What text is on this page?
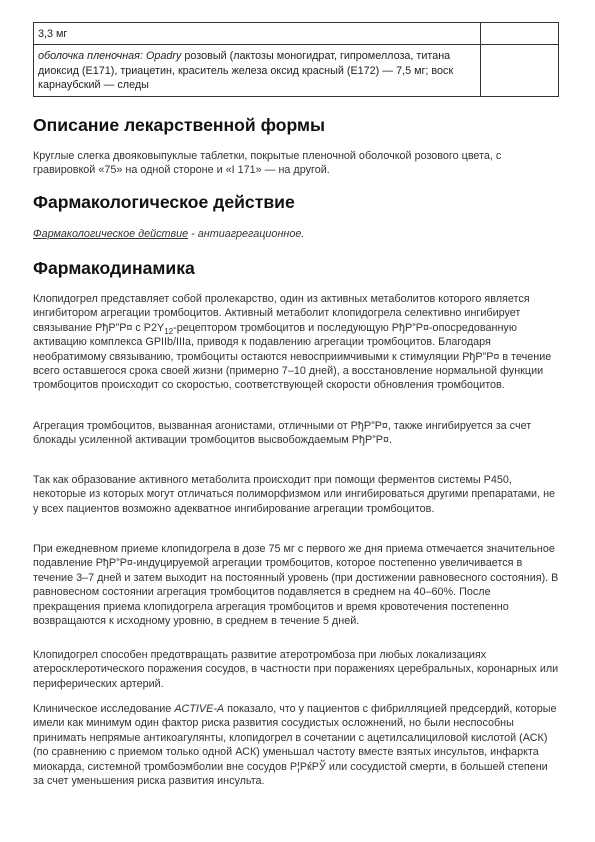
3,3 мг	
оболочка пленочная: Opadry розовый (лактозы моногидрат, гипромеллоза, титана диоксид (E171), триацетин, краситель железа оксид красный (E172) — 7,5 мг; воск карнаубский — следы	
Описание лекарственной формы

Круглые слегка двояковыпуклые таблетки, покрытые пленочной оболочкой розового цвета, с гравировкой «75» на одной стороне и «I 171» — на другой.

Фармакологическое действие

Фармакологическое действие - антиагрегационное.

Фармакодинамика

Клопидогрел представляет собой пролекарство, один из активных метаболитов которого является ингибитором агрегации тромбоцитов. Активный метаболит клопидогрела селективно ингибирует связывание РђР”Р¤ с $P2Y_{12}$-рецептором тромбоцитов и последующую РђР”Р¤-опосредованную активацию комплекса GPIIb/IIIa, приводя к подавлению агрегации тромбоцитов. Благодаря необратимому связыванию, тромбоциты остаются невосприимчивыми к стимуляции РђР”Р¤ в течение всего оставшегося срока своей жизни (примерно 7–10 дней), а восстановление нормальной функции тромбоцитов происходит со скоростью, соответствующей скорости обновления тромбоцитов.

Агрегация тромбоцитов, вызванная агонистами, отличными от РђР”Р¤, также ингибируется за счет блокады усиленной активации тромбоцитов высвобождаемым РђР”Р¤.

Так как образование активного метаболита происходит при помощи ферментов системы P450, некоторые из которых могут отличаться полиморфизмом или ингибироваться другими препаратами, не у всех пациентов возможно адекватное ингибирование агрегации тромбоцитов.

При ежедневном приеме клопидогрела в дозе 75 мг с первого же дня приема отмечается значительное подавление РђР”Р¤-индуцируемой агрегации тромбоцитов, которое постепенно увеличивается в течение 3–7 дней и затем выходит на постоянный уровень (при достижении равновесного состояния). В равновесном состоянии агрегация тромбоцитов подавляется в среднем на 40–60%. После прекращения приема клопидогрела агрегация тромбоцитов и время кровотечения постепенно возвращаются к исходному уровню, в среднем в течение 5 дней.

Клопидогрел способен предотвращать развитие атеротромбоза при любых локализациях атеросклеротического поражения сосудов, в частности при поражениях церебральных, коронарных или периферических артерий.

Клиническое исследование ACTIVE-A показало, что у пациентов с фибрилляцией предсердий, которые имели как минимум один фактор риска развития сосудистых осложнений, но были неспособны принимать непрямые антикоагулянты, клопидогрел в сочетании с ацетилсалициловой кислотой (АСК) (по сравнению с приемом только одной АСК) уменьшал частоту вместе взятых инсультов, инфаркта миокарда, системной тромбоэмболии вне сосудов Р¦РќРЎ или сосудистой смерти, в большей степени за счет уменьшения риска развития инсульта.
